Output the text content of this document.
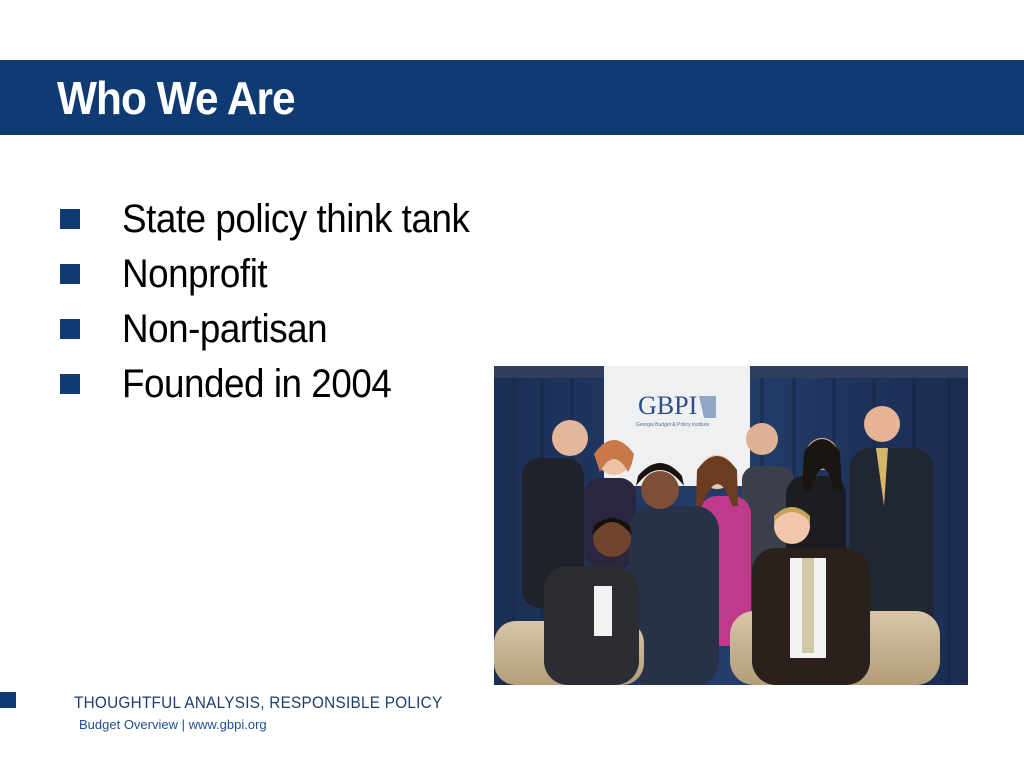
Who We Are
State policy think tank
Nonprofit
Non-partisan
Founded in 2004	GBPI
Georgia Budget & Policy Institute
THOUGHTFUL ANALYSIS, RESPONSIBLE POLICY
Budget Overview | www.gbpi.org
